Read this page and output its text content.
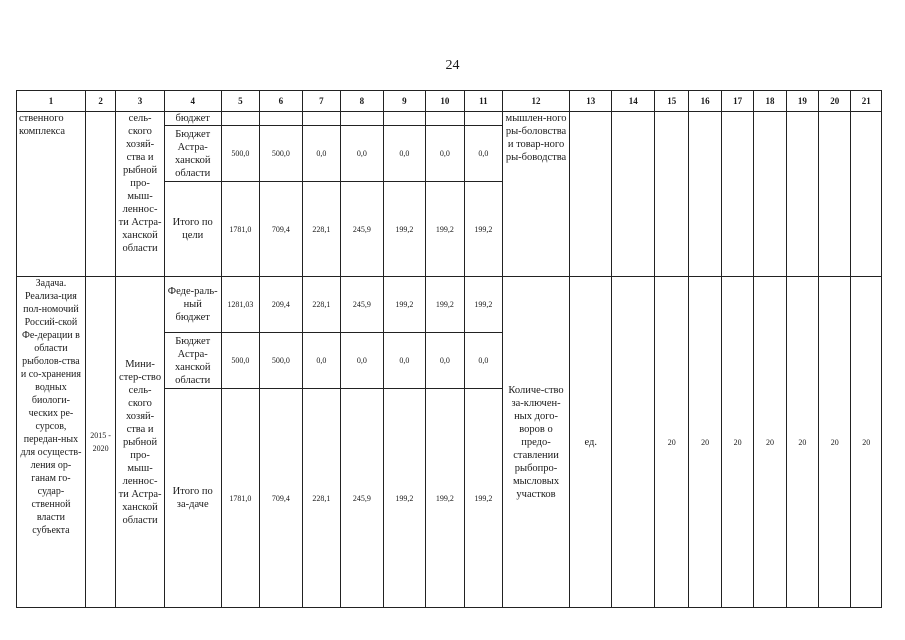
24
1	2	3	4	5	6	7	8	9	10	11	12	13	14	15	16	17	18	19	20	21
ственного комплекса		сель-ского хозяй-ства и рыбной про-мыш-леннос-ти Астра-ханской области	бюджет								мышлен-ного ры-боловства и товар-ного ры-боводства									
			Бюджет Астра-ханской области	500,0	500,0	0,0	0,0	0,0	0,0	0,0										
			Итого по цели	1781,0	709,4	228,1	245,9	199,2	199,2	199,2										
Задача. Реализа-ция пол-номочий Россий-ской Фе-дерации в области рыболов-ства и со-хранения водных биологи-ческих ре-сурсов, передан-ных для осуществ-ления ор-ганам го-судар-ственной власти субъекта	2015 - 2020	Мини-стер-ство сель-ского хозяй-ства и рыбной про-мыш-леннос-ти Астра-ханской области	Феде-раль-ный бюджет	1281,03	209,4	228,1	245,9	199,2	199,2	199,2	Количе-ство за-ключен-ных дого-воров о предо-ставлении рыбопро-мысловых участков	ед.		20	20	20	20	20	20	20
			Бюджет Астра-ханской области	500,0	500,0	0,0	0,0	0,0	0,0	0,0										
			Итого по за-даче	1781,0	709,4	228,1	245,9	199,2	199,2	199,2										
